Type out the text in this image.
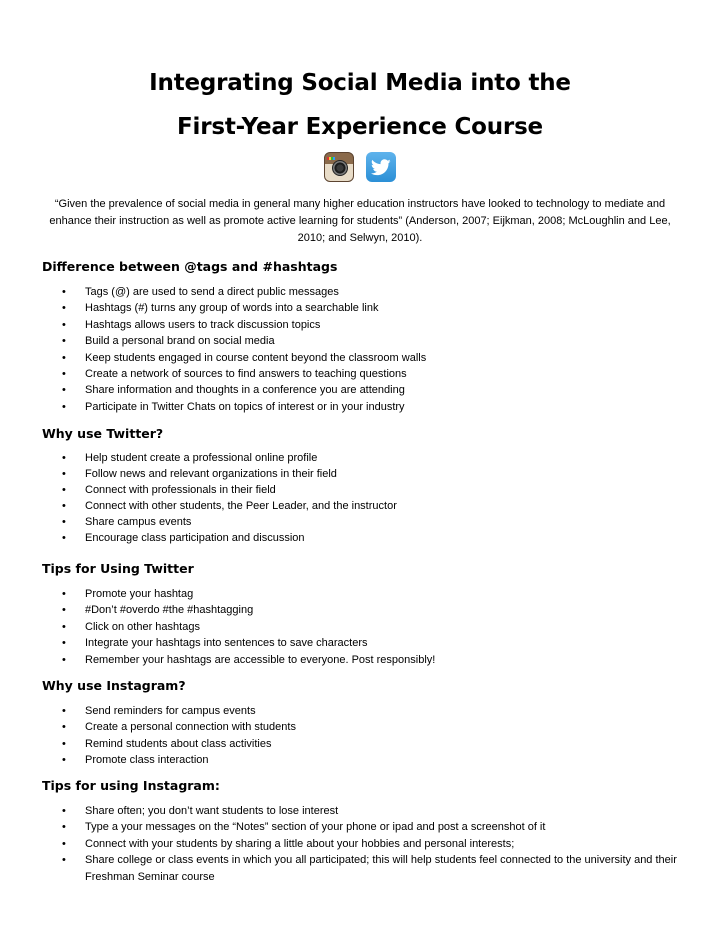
Integrating Social Media into the
First-Year Experience Course

“Given the prevalence of social media in general many higher education instructors have looked to technology to mediate and enhance their instruction as well as promote active learning for students” (Anderson, 2007; Eijkman, 2008; McLoughlin and Lee, 2010; and Selwyn, 2010).

Difference between @tags and #hashtags
• Tags (@) are used to send a direct public messages
• Hashtags (#) turns any group of words into a searchable link
• Hashtags allows users to track discussion topics
• Build a personal brand on social media
• Keep students engaged in course content beyond the classroom walls
• Create a network of sources to find answers to teaching questions
• Share information and thoughts in a conference you are attending
• Participate in Twitter Chats on topics of interest or in your industry
Why use Twitter?
• Help student create a professional online profile
• Follow news and relevant organizations in their field
• Connect with professionals in their field
• Connect with other students, the Peer Leader, and the instructor
• Share campus events
• Encourage class participation and discussion
Tips for Using Twitter
• Promote your hashtag
• #Don’t #overdo #the #hashtagging
• Click on other hashtags
• Integrate your hashtags into sentences to save characters
• Remember your hashtags are accessible to everyone. Post responsibly!
Why use Instagram?
• Send reminders for campus events
• Create a personal connection with students
• Remind students about class activities
• Promote class interaction
Tips for using Instagram:
• Share often; you don’t want students to lose interest
• Type a your messages on the “Notes” section of your phone or ipad and post a screenshot of it
• Connect with your students by sharing a little about your hobbies and personal interests;
• Share college or class events in which you all participated; this will help students feel connected to the university and their Freshman Seminar course
